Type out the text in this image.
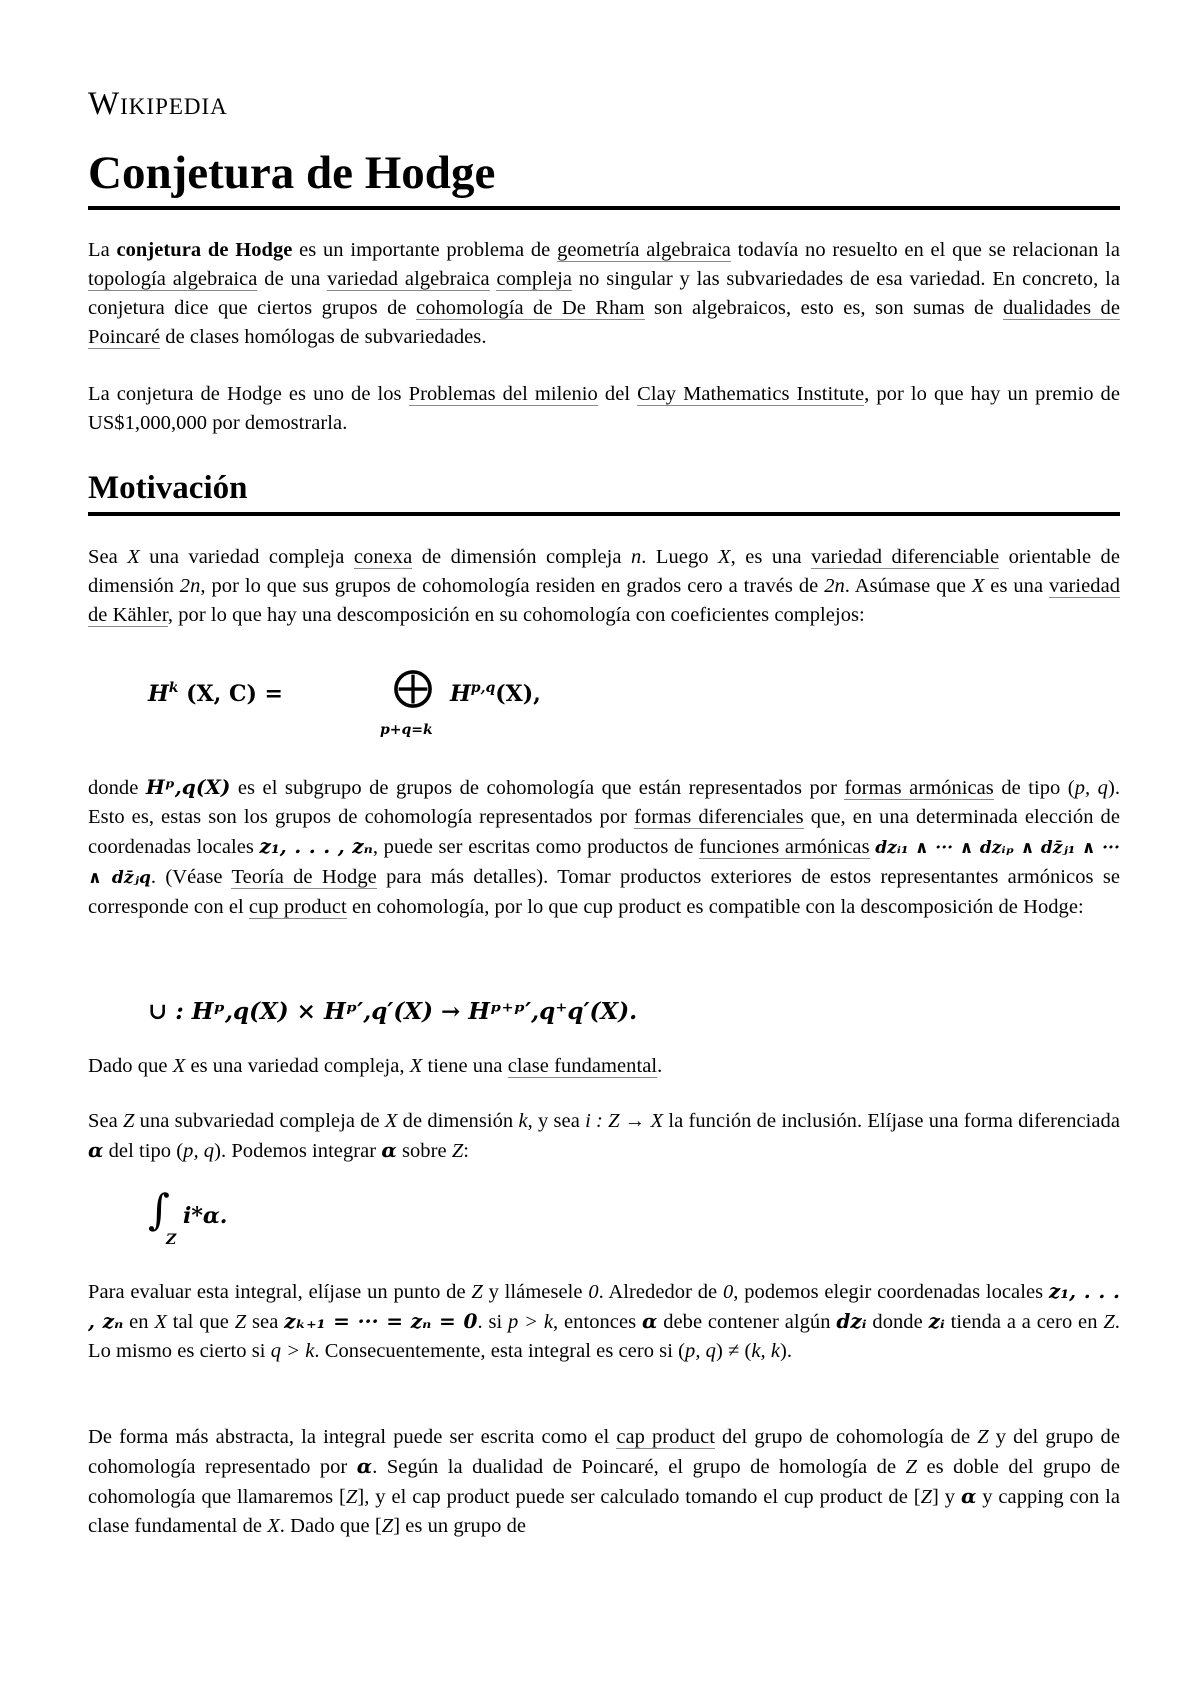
Wikipedia
Conjetura de Hodge

La conjetura de Hodge es un importante problema de geometría algebraica todavía no resuelto en el que se relacionan la topología algebraica de una variedad algebraica compleja no singular y las subvariedades de esa variedad. En concreto, la conjetura dice que ciertos grupos de cohomología de De Rham son algebraicos, esto es, son sumas de dualidades de Poincaré de clases homólogas de subvariedades.

La conjetura de Hodge es uno de los Problemas del milenio del Clay Mathematics Institute, por lo que hay un premio de US$1,000,000 por demostrarla.

Motivación

Sea X una variedad compleja conexa de dimensión compleja n. Luego X, es una variedad diferenciable orientable de dimensión 2n, por lo que sus grupos de cohomología residen en grados cero a través de 2n. Asúmase que X es una variedad de Kähler, por lo que hay una descomposición en su cohomología con coeficientes complejos:

$H^k$ (X, C) =	⨁
p+q=k
H$^{p,q}$(X),

donde Hᵖ,q(X) es el subgrupo de grupos de cohomología que están representados por formas armónicas de tipo (p, q). Esto es, estas son los grupos de cohomología representados por formas diferenciales que, en una determinada elección de coordenadas locales z₁, . . . , zₙ, puede ser escritas como productos de funciones armónicas dzᵢ₁ ∧ ··· ∧ dzᵢₚ ∧ dz̄ⱼ₁ ∧ ··· ∧ dz̄ⱼq. (Véase Teoría de Hodge para más detalles). Tomar productos exteriores de estos representantes armónicos se corresponde con el cup product en cohomología, por lo que cup product es compatible con la descomposición de Hodge:

∪ : Hᵖ,q(X) × Hᵖ′,q′(X) → Hᵖ⁺ᵖ′,q⁺q′(X).

Dado que X es una variedad compleja, X tiene una clase fundamental.

Sea Z una subvariedad compleja de X de dimensión k, y sea i : Z → X la función de inclusión. Elíjase una forma diferenciada α del tipo (p, q). Podemos integrar α sobre Z:

∫
Z
i*α.

Para evaluar esta integral, elíjase un punto de Z y llámesele 0. Alrededor de 0, podemos elegir coordenadas locales z₁, . . . , zₙ en X tal que Z sea zₖ₊₁ = ··· = zₙ = 0. si p > k, entonces α debe contener algún dzᵢ donde zᵢ tienda a a cero en Z. Lo mismo es cierto si q > k. Consecuentemente, esta integral es cero si (p, q) ≠ (k, k).

De forma más abstracta, la integral puede ser escrita como el cap product del grupo de cohomología de Z y del grupo de cohomología representado por α. Según la dualidad de Poincaré, el grupo de homología de Z es doble del grupo de cohomología que llamaremos [Z], y el cap product puede ser calculado tomando el cup product de [Z] y α y capping con la clase fundamental de X. Dado que [Z] es un grupo de
